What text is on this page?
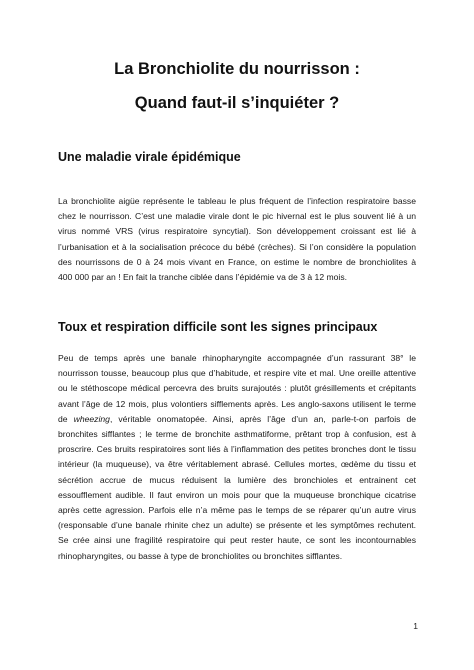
La Bronchiolite du nourrisson :
Quand faut-il s’inquiéter ?
Une maladie virale épidémique

La bronchiolite aigüe représente le tableau le plus fréquent de l’infection respiratoire basse
chez le nourrisson. C’est une maladie virale dont le pic hivernal est le plus souvent lié à un
virus nommé VRS (virus respiratoire syncytial). Son développement croissant est lié à
l’urbanisation et à la socialisation précoce du bébé (crèches). Si l’on considère la population
des nourrissons de 0 à 24 mois vivant en France, on estime le nombre de bronchiolites à
400 000 par an ! En fait la tranche ciblée dans l’épidémie va de 3 à 12 mois.

Toux et respiration difficile sont les signes principaux

Peu de temps après une banale rhinopharyngite accompagnée d’un rassurant 38° le
nourrisson tousse, beaucoup plus que d’habitude, et respire vite et mal. Une oreille attentive
ou le stéthoscope médical percevra des bruits surajoutés : plutôt grésillements et crépitants
avant l’âge de 12 mois, plus volontiers sifflements après. Les anglo-saxons utilisent le terme
de wheezing, véritable onomatopée. Ainsi, après l’âge d’un an, parle-t-on parfois de
bronchites sifflantes ; le terme de bronchite asthmatiforme, prêtant trop à confusion, est à
proscrire. Ces bruits respiratoires sont liés à l’inflammation des petites bronches dont le tissu
intérieur (la muqueuse), va être véritablement abrasé. Cellules mortes, œdème du tissu et
sécrétion accrue de mucus réduisent la lumière des bronchioles et entrainent cet
essoufflement audible. Il faut environ un mois pour que la muqueuse bronchique cicatrise
après cette agression. Parfois elle n’a même pas le temps de se réparer qu’un autre virus
(responsable d’une banale rhinite chez un adulte) se présente et les symptômes rechutent.
Se crée ainsi une fragilité respiratoire qui peut rester haute, ce sont les incontournables
rhinopharyngites, ou basse à type de bronchiolites ou bronchites sifflantes.

1
